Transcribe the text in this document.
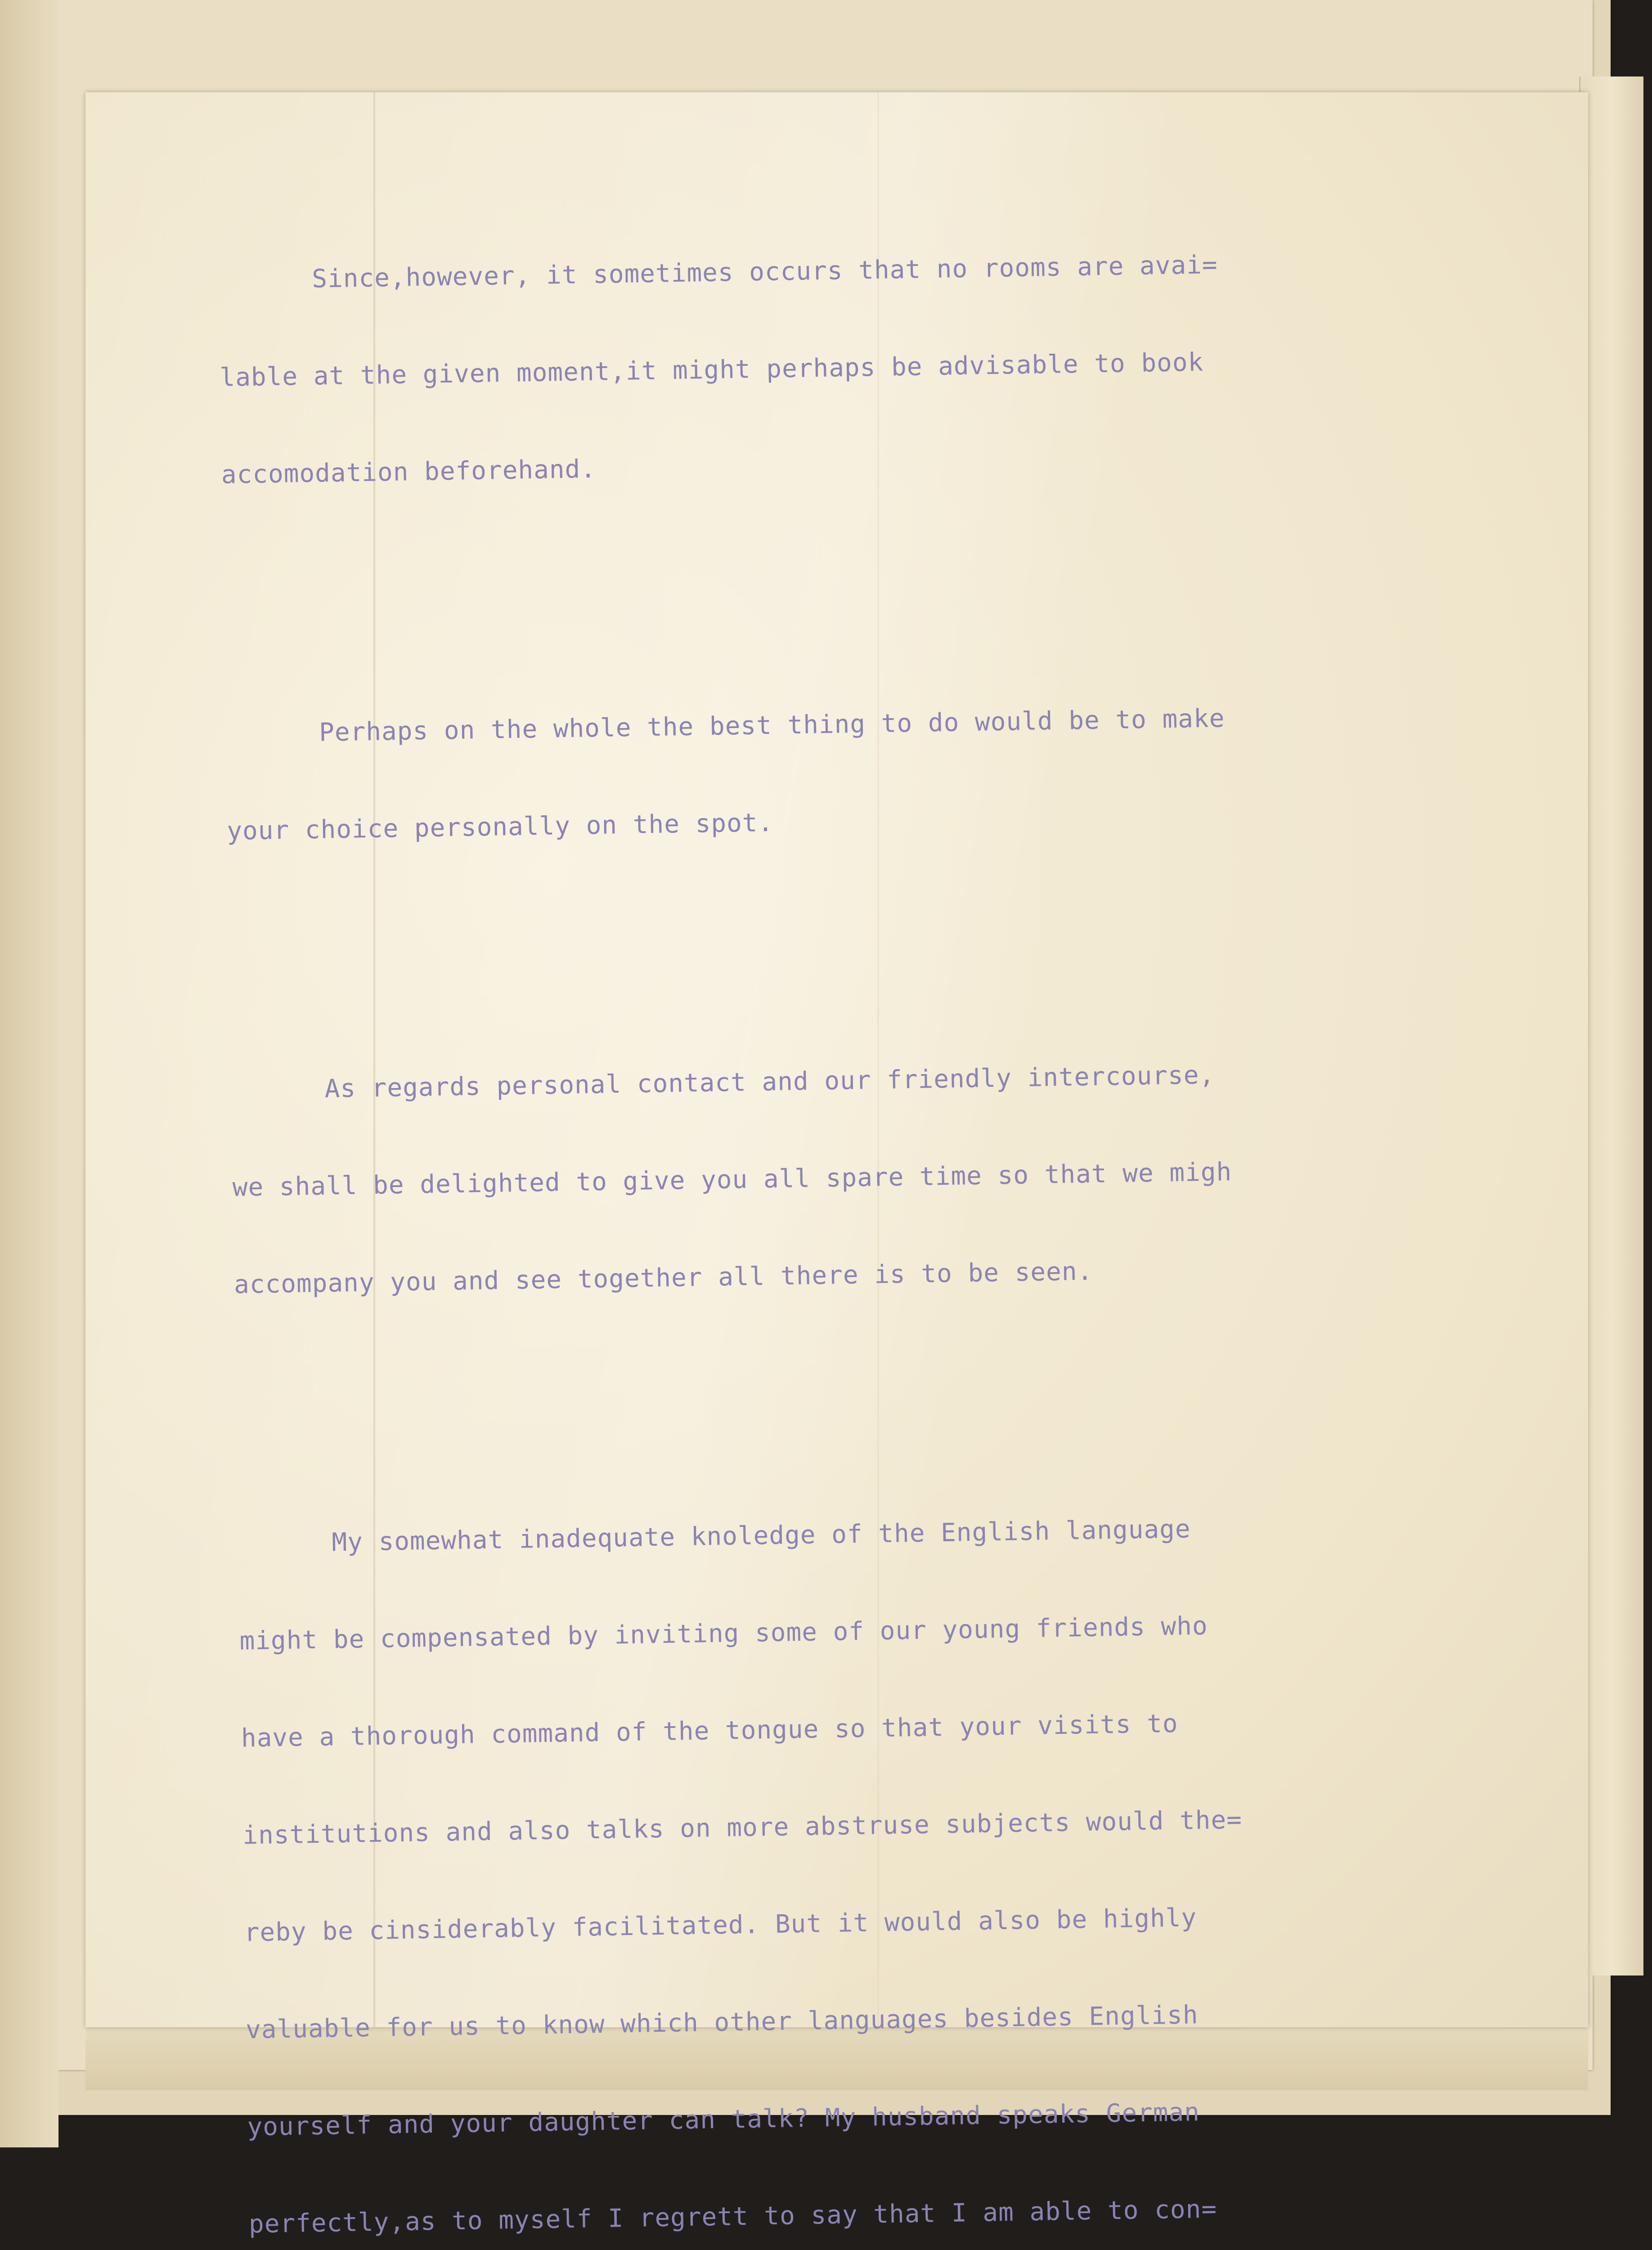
Since,however, it sometimes occurs that no rooms are avai=

lable at the given moment,it might perhaps be advisable to book

accomodation beforehand.

Perhaps on the whole the best thing to do would be to make

your choice personally on the spot.

As regards personal contact and our friendly intercourse,

we shall be delighted to give you all spare time so that we migh

accompany you and see together all there is to be seen.

My somewhat inadequate knoledge of the English language

might be compensated by inviting some of our young friends who

have a thorough command of the tongue so that your visits to

institutions and also talks on more abstruse subjects would the=

reby be cinsiderably facilitated. But it would also be highly

valuable for us to know which other languages besides English

yourself and your daughter can talk? My husband speaks German

perfectly,as to myself I regrett to say that I am able to con=
